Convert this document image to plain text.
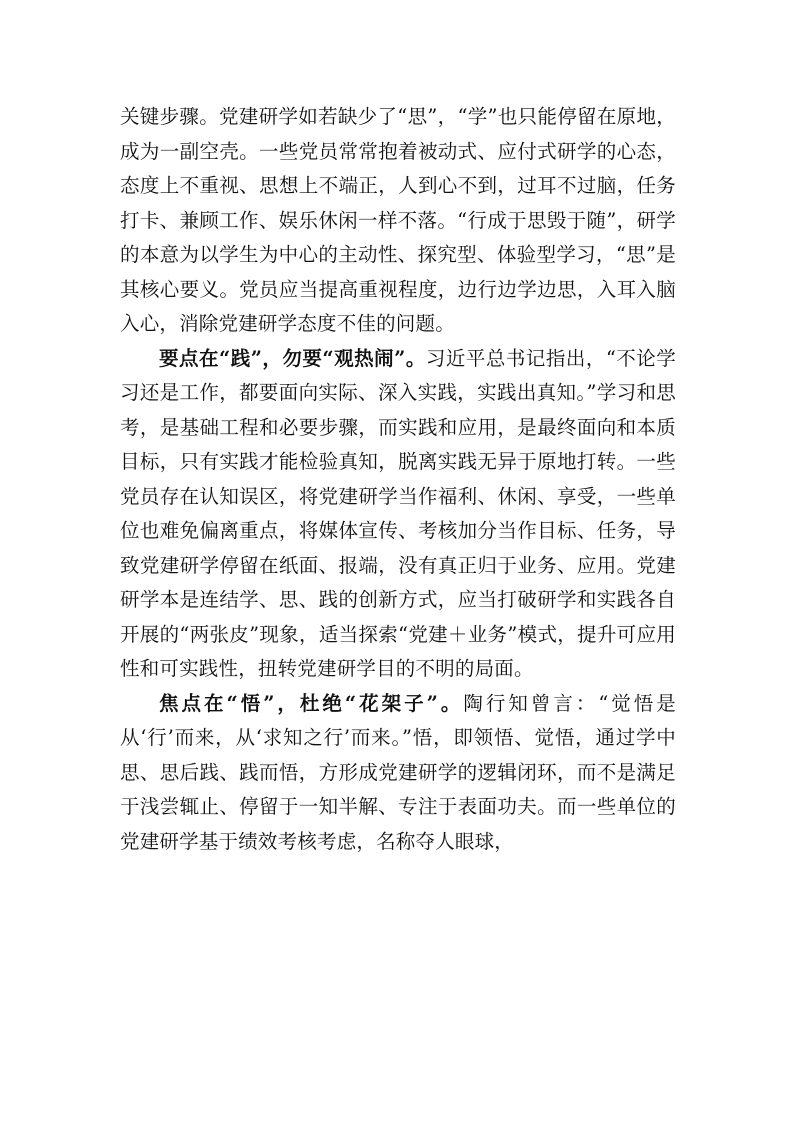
关键步骤。党建研学如若缺少了“思”，“学”也只能停留在原地，成为一副空壳。一些党员常常抱着被动式、应付式研学的心态，态度上不重视、思想上不端正，人到心不到，过耳不过脑，任务打卡、兼顾工作、娱乐休闲一样不落。“行成于思毁于随”，研学的本意为以学生为中心的主动性、探究型、体验型学习，“思”是其核心要义。党员应当提高重视程度，边行边学边思，入耳入脑入心，消除党建研学态度不佳的问题。

要点在“践”，勿要“观热闹”。习近平总书记指出，“不论学习还是工作，都要面向实际、深入实践，实践出真知。”学习和思考，是基础工程和必要步骤，而实践和应用，是最终面向和本质目标，只有实践才能检验真知，脱离实践无异于原地打转。一些党员存在认知误区，将党建研学当作福利、休闲、享受，一些单位也难免偏离重点，将媒体宣传、考核加分当作目标、任务，导致党建研学停留在纸面、报端，没有真正归于业务、应用。党建研学本是连结学、思、践的创新方式，应当打破研学和实践各自开展的“两张皮”现象，适当探索“党建＋业务”模式，提升可应用性和可实践性，扭转党建研学目的不明的局面。

焦点在“悟”，杜绝“花架子”。陶行知曾言：“觉悟是从‘行’而来，从‘求知之行’而来。”悟，即领悟、觉悟，通过学中思、思后践、践而悟，方形成党建研学的逻辑闭环，而不是满足于浅尝辄止、停留于一知半解、专注于表面功夫。而一些单位的党建研学基于绩效考核考虑，名称夺人眼球，
